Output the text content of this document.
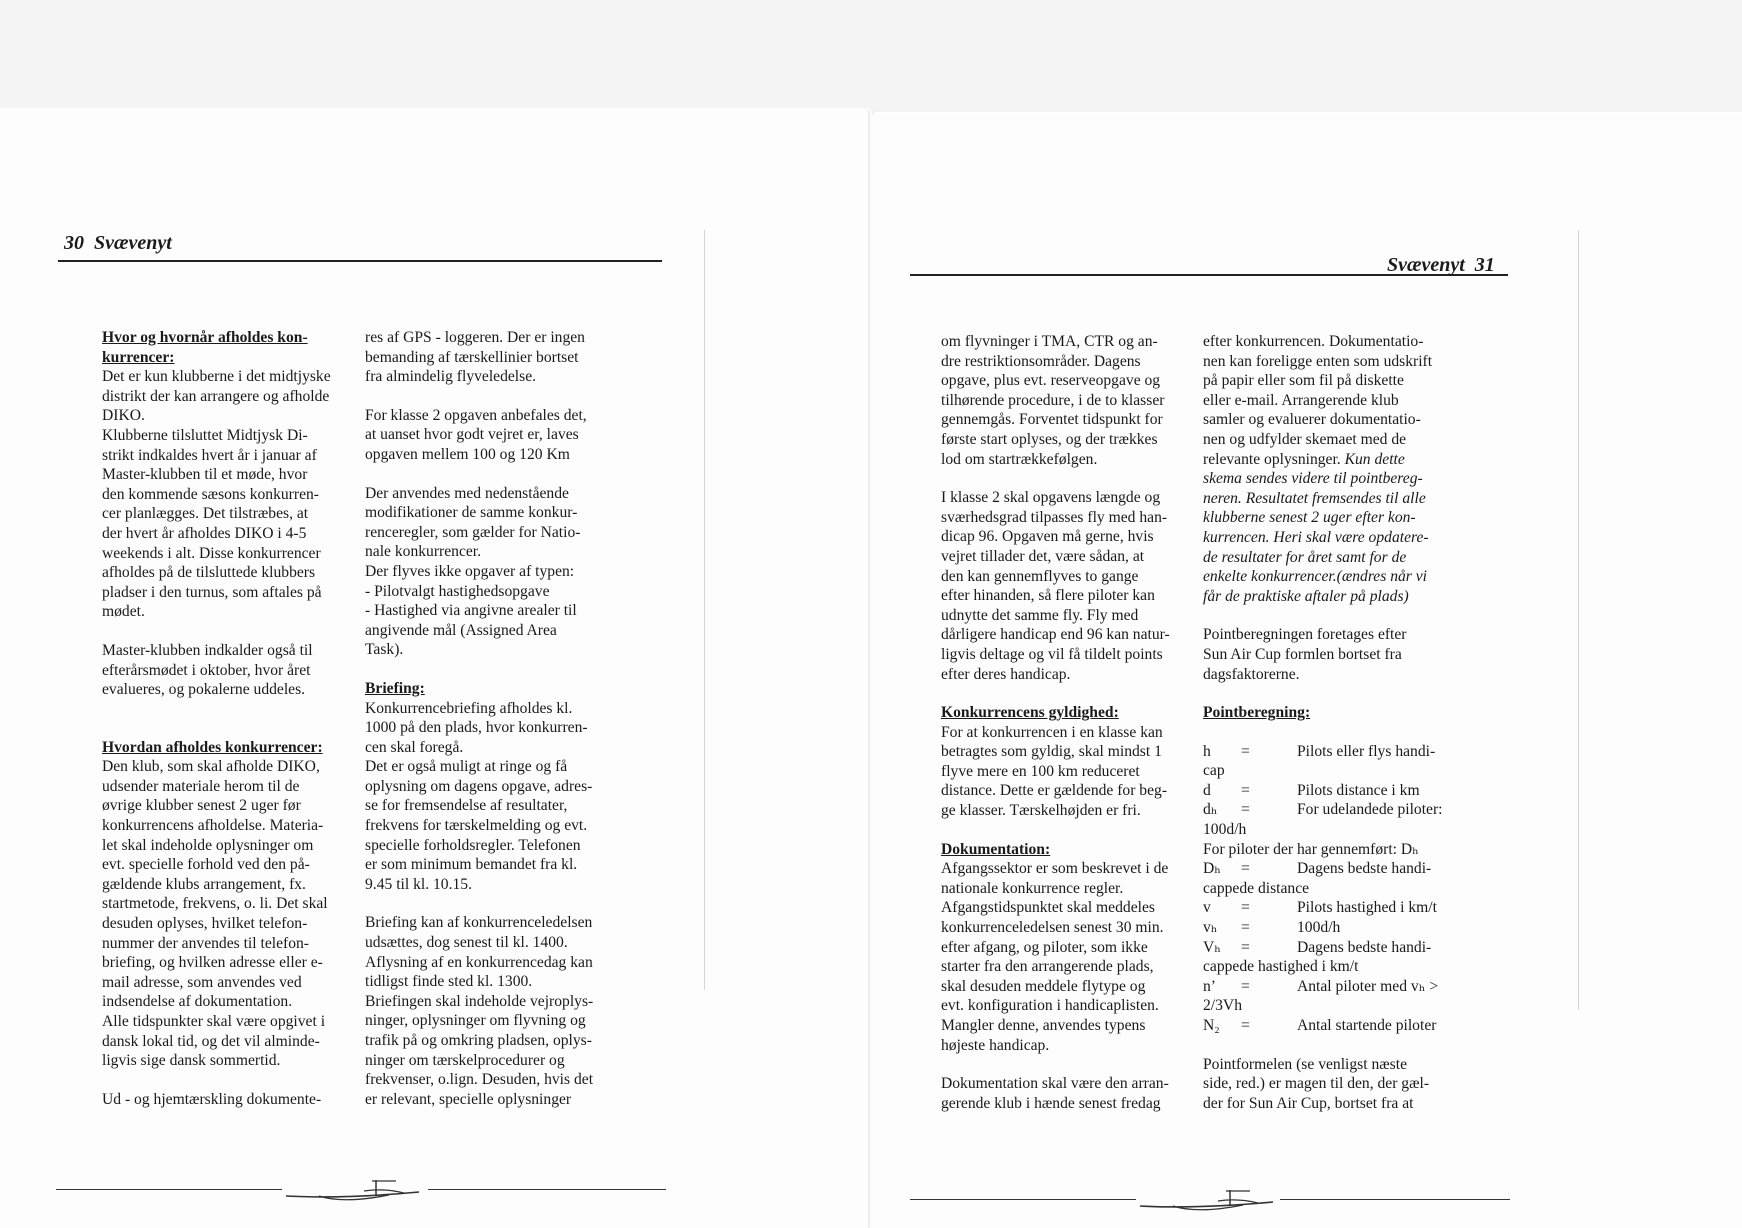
30 Svævenyt

Hvor og hvornår afholdes kon-

kurrencer:

Det er kun klubberne i det midtjyske

distrikt der kan arrangere og afholde

DIKO.

Klubberne tilsluttet Midtjysk Di-

strikt indkaldes hvert år i januar af

Master-klubben til et møde, hvor

den kommende sæsons konkurren-

cer planlægges. Det tilstræbes, at

der hvert år afholdes DIKO i 4-5

weekends i alt. Disse konkurrencer

afholdes på de tilsluttede klubbers

pladser i den turnus, som aftales på

mødet.

Master-klubben indkalder også til

efterårsmødet i oktober, hvor året

evalueres, og pokalerne uddeles.

Hvordan afholdes konkurrencer:

Den klub, som skal afholde DIKO,

udsender materiale herom til de

øvrige klubber senest 2 uger før

konkurrencens afholdelse. Materia-

let skal indeholde oplysninger om

evt. specielle forhold ved den på-

gældende klubs arrangement, fx.

startmetode, frekvens, o. li. Det skal

desuden oplyses, hvilket telefon-

nummer der anvendes til telefon-

briefing, og hvilken adresse eller e-

mail adresse, som anvendes ved

indsendelse af dokumentation.

Alle tidspunkter skal være opgivet i

dansk lokal tid, og det vil alminde-

ligvis sige dansk sommertid.

Ud - og hjemtærskling dokumente-

res af GPS - loggeren. Der er ingen

bemanding af tærskellinier bortset

fra almindelig flyveledelse.

For klasse 2 opgaven anbefales det,

at uanset hvor godt vejret er, laves

opgaven mellem 100 og 120 Km

Der anvendes med nedenstående

modifikationer de samme konkur-

renceregler, som gælder for Natio-

nale konkurrencer.

Der flyves ikke opgaver af typen:

- Pilotvalgt hastighedsopgave

- Hastighed via angivne arealer til

angivende mål (Assigned Area

Task).

Briefing:

Konkurrencebriefing afholdes kl.

1000 på den plads, hvor konkurren-

cen skal foregå.

Det er også muligt at ringe og få

oplysning om dagens opgave, adres-

se for fremsendelse af resultater,

frekvens for tærskelmelding og evt.

specielle forholdsregler. Telefonen

er som minimum bemandet fra kl.

9.45 til kl. 10.15.

Briefing kan af konkurrenceledelsen

udsættes, dog senest til kl. 1400.

Aflysning af en konkurrencedag kan

tidligst finde sted kl. 1300.

Briefingen skal indeholde vejroplys-

ninger, oplysninger om flyvning og

trafik på og omkring pladsen, oplys-

ninger om tærskelprocedurer og

frekvenser, o.lign. Desuden, hvis det

er relevant, specielle oplysninger

Svævenyt 31

om flyvninger i TMA, CTR og an-

dre restriktionsområder. Dagens

opgave, plus evt. reserveopgave og

tilhørende procedure, i de to klasser

gennemgås. Forventet tidspunkt for

første start oplyses, og der trækkes

lod om startrækkefølgen.

I klasse 2 skal opgavens længde og

sværhedsgrad tilpasses fly med han-

dicap 96. Opgaven må gerne, hvis

vejret tillader det, være sådan, at

den kan gennemflyves to gange

efter hinanden, så flere piloter kan

udnytte det samme fly. Fly med

dårligere handicap end 96 kan natur-

ligvis deltage og vil få tildelt points

efter deres handicap.

Konkurrencens gyldighed:

For at konkurrencen i en klasse kan

betragtes som gyldig, skal mindst 1

flyve mere en 100 km reduceret

distance. Dette er gældende for beg-

ge klasser. Tærskelhøjden er fri.

Dokumentation:

Afgangssektor er som beskrevet i de

nationale konkurrence regler.

Afgangstidspunktet skal meddeles

konkurrenceledelsen senest 30 min.

efter afgang, og piloter, som ikke

starter fra den arrangerende plads,

skal desuden meddele flytype og

evt. konfiguration i handicaplisten.

Mangler denne, anvendes typens

højeste handicap.

Dokumentation skal være den arran-

gerende klub i hænde senest fredag

efter konkurrencen. Dokumentatio-

nen kan foreligge enten som udskrift

på papir eller som fil på diskette

eller e-mail. Arrangerende klub

samler og evaluerer dokumentatio-

nen og udfylder skemaet med de

relevante oplysninger. Kun dette

skema sendes videre til pointbereg-

neren. Resultatet fremsendes til alle

klubberne senest 2 uger efter kon-

kurrencen. Heri skal være opdatere-

de resultater for året samt for de

enkelte konkurrencer.(ændres når vi

får de praktiske aftaler på plads)

Pointberegningen foretages efter

Sun Air Cup formlen bortset fra

dagsfaktorerne.

Pointberegning:

h	=	Pilots eller flys handi-

cap

d	=	Pilots distance i km
dₕ	=	For udelandede piloter:

100d/h

For piloter der har gennemført: Dₕ

Dₕ	=	Dagens bedste handi-

cappede distance

v	=	Pilots hastighed i km/t
vₕ	=	100d/h
Vₕ	=	Dagens bedste handi-

cappede hastighed i km/t

n’	=	Antal piloter med vₕ >

2/3Vh

N₂	=	Antal startende piloter

Pointformelen (se venligst næste

side, red.) er magen til den, der gæl-

der for Sun Air Cup, bortset fra at
